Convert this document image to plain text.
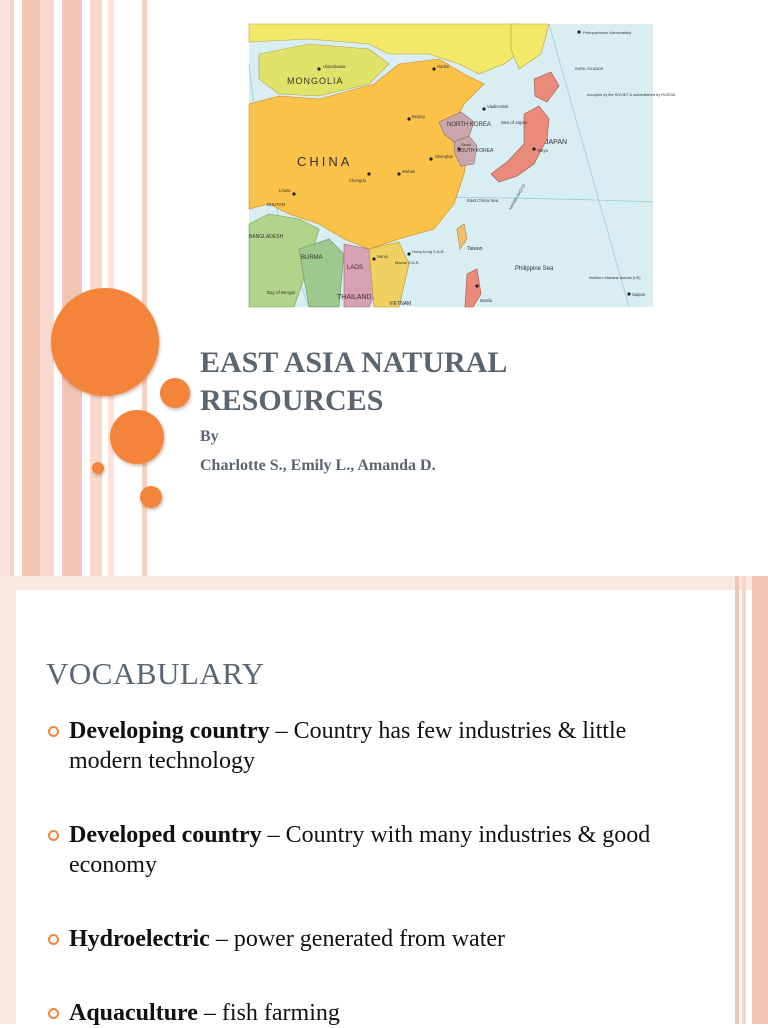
MONGOLIA
CHINA
NORTH KOREA
SOUTH KOREA
JAPAN
BURMA
LAOS
THAILAND
BANGLADESH
BHUTAN
VIETNAM
Taiwan
Sea of Japan
East China Sea
Philippine Sea
Bay of Bengal
KURIL ISLANDS
occupied by the SOVIET U administered by RUSSIA
Petropavlovsk-Kamchatsky
Ulaanbaatar
Beijing
Shanghai
Chengdu
Wuhan
Tokyo
Seoul
Harbin
Vladivostok
Lhasa
Hanoi
Hong Kong S.A.R.
Macau S.A.R.
Manila
Saipan
Northern Mariana Islands (US)
NANSEI SHOTO
EAST ASIA NATURAL RESOURCES
By
Charlotte S., Emily L., Amanda D.
VOCABULARY
Developing country – Country has few industries & little modern technology
Developed country – Country with many industries & good economy
Hydroelectric – power generated from water
Aquaculture – fish farming
